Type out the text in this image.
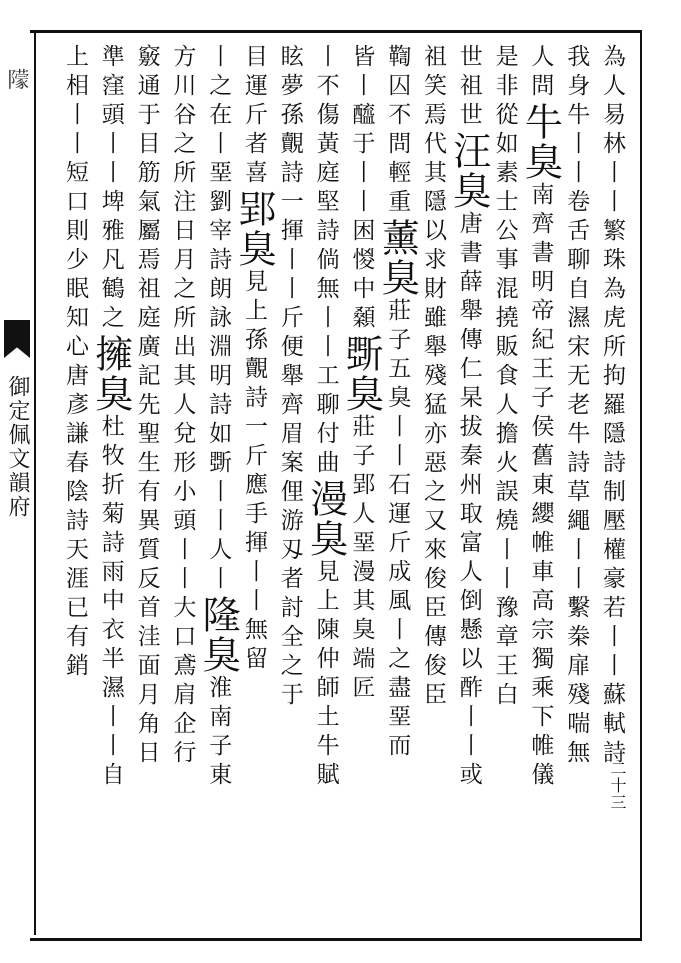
𨼿
御定佩文韻府
二十三
為人易林丨丨繁珠為虎所拘羅隱詩制壓權豪若丨丨蘇軾詩
我身牛丨丨卷舌聊自濕宋无老牛詩草繩丨丨繫桊扉殘喘無
人問牛臭南齊書明帝紀王子侯舊東纓帷車高宗獨乘下帷儀
是非從如素士公事混撓販食人擔火誤燒丨丨豫章王白
世祖世汪臭唐書薛舉傳仁杲拔秦州取富人倒懸以酢丨丨或
祖笑焉代其隱以求財雖舉殘猛亦惡之又來俊臣傳俊臣
鞫囚不問輕重薰臭莊子五臭丨丨石運斤成風丨之盡堊而
皆丨醯于丨丨困惾中顙斲臭莊子郢人堊漫其臭端匠
丨不傷黃庭堅詩倘無丨丨工聊付曲漫臭見上陳仲師土牛賦
眩夢孫覿詩一揮丨丨斤便舉齊眉案俚游刄者討全之于
目運斤者喜郢臭見上孫覿詩一斤應手揮丨丨無留
丨之在丨堊劉宰詩朗詠淵明詩如斲丨丨人丨隆臭淮南子東
方川谷之所注日月之所出其人兌形小頭丨丨大口鳶肩企行
竅通于目筋氣屬焉祖庭廣記先聖生有異質反首洼面月角日
準窪頭丨丨埤雅凡鶴之擁臭杜牧折菊詩雨中衣半濕丨丨自
上相丨丨短口則少眠知心唐彥謙春陰詩天涯已有銷
